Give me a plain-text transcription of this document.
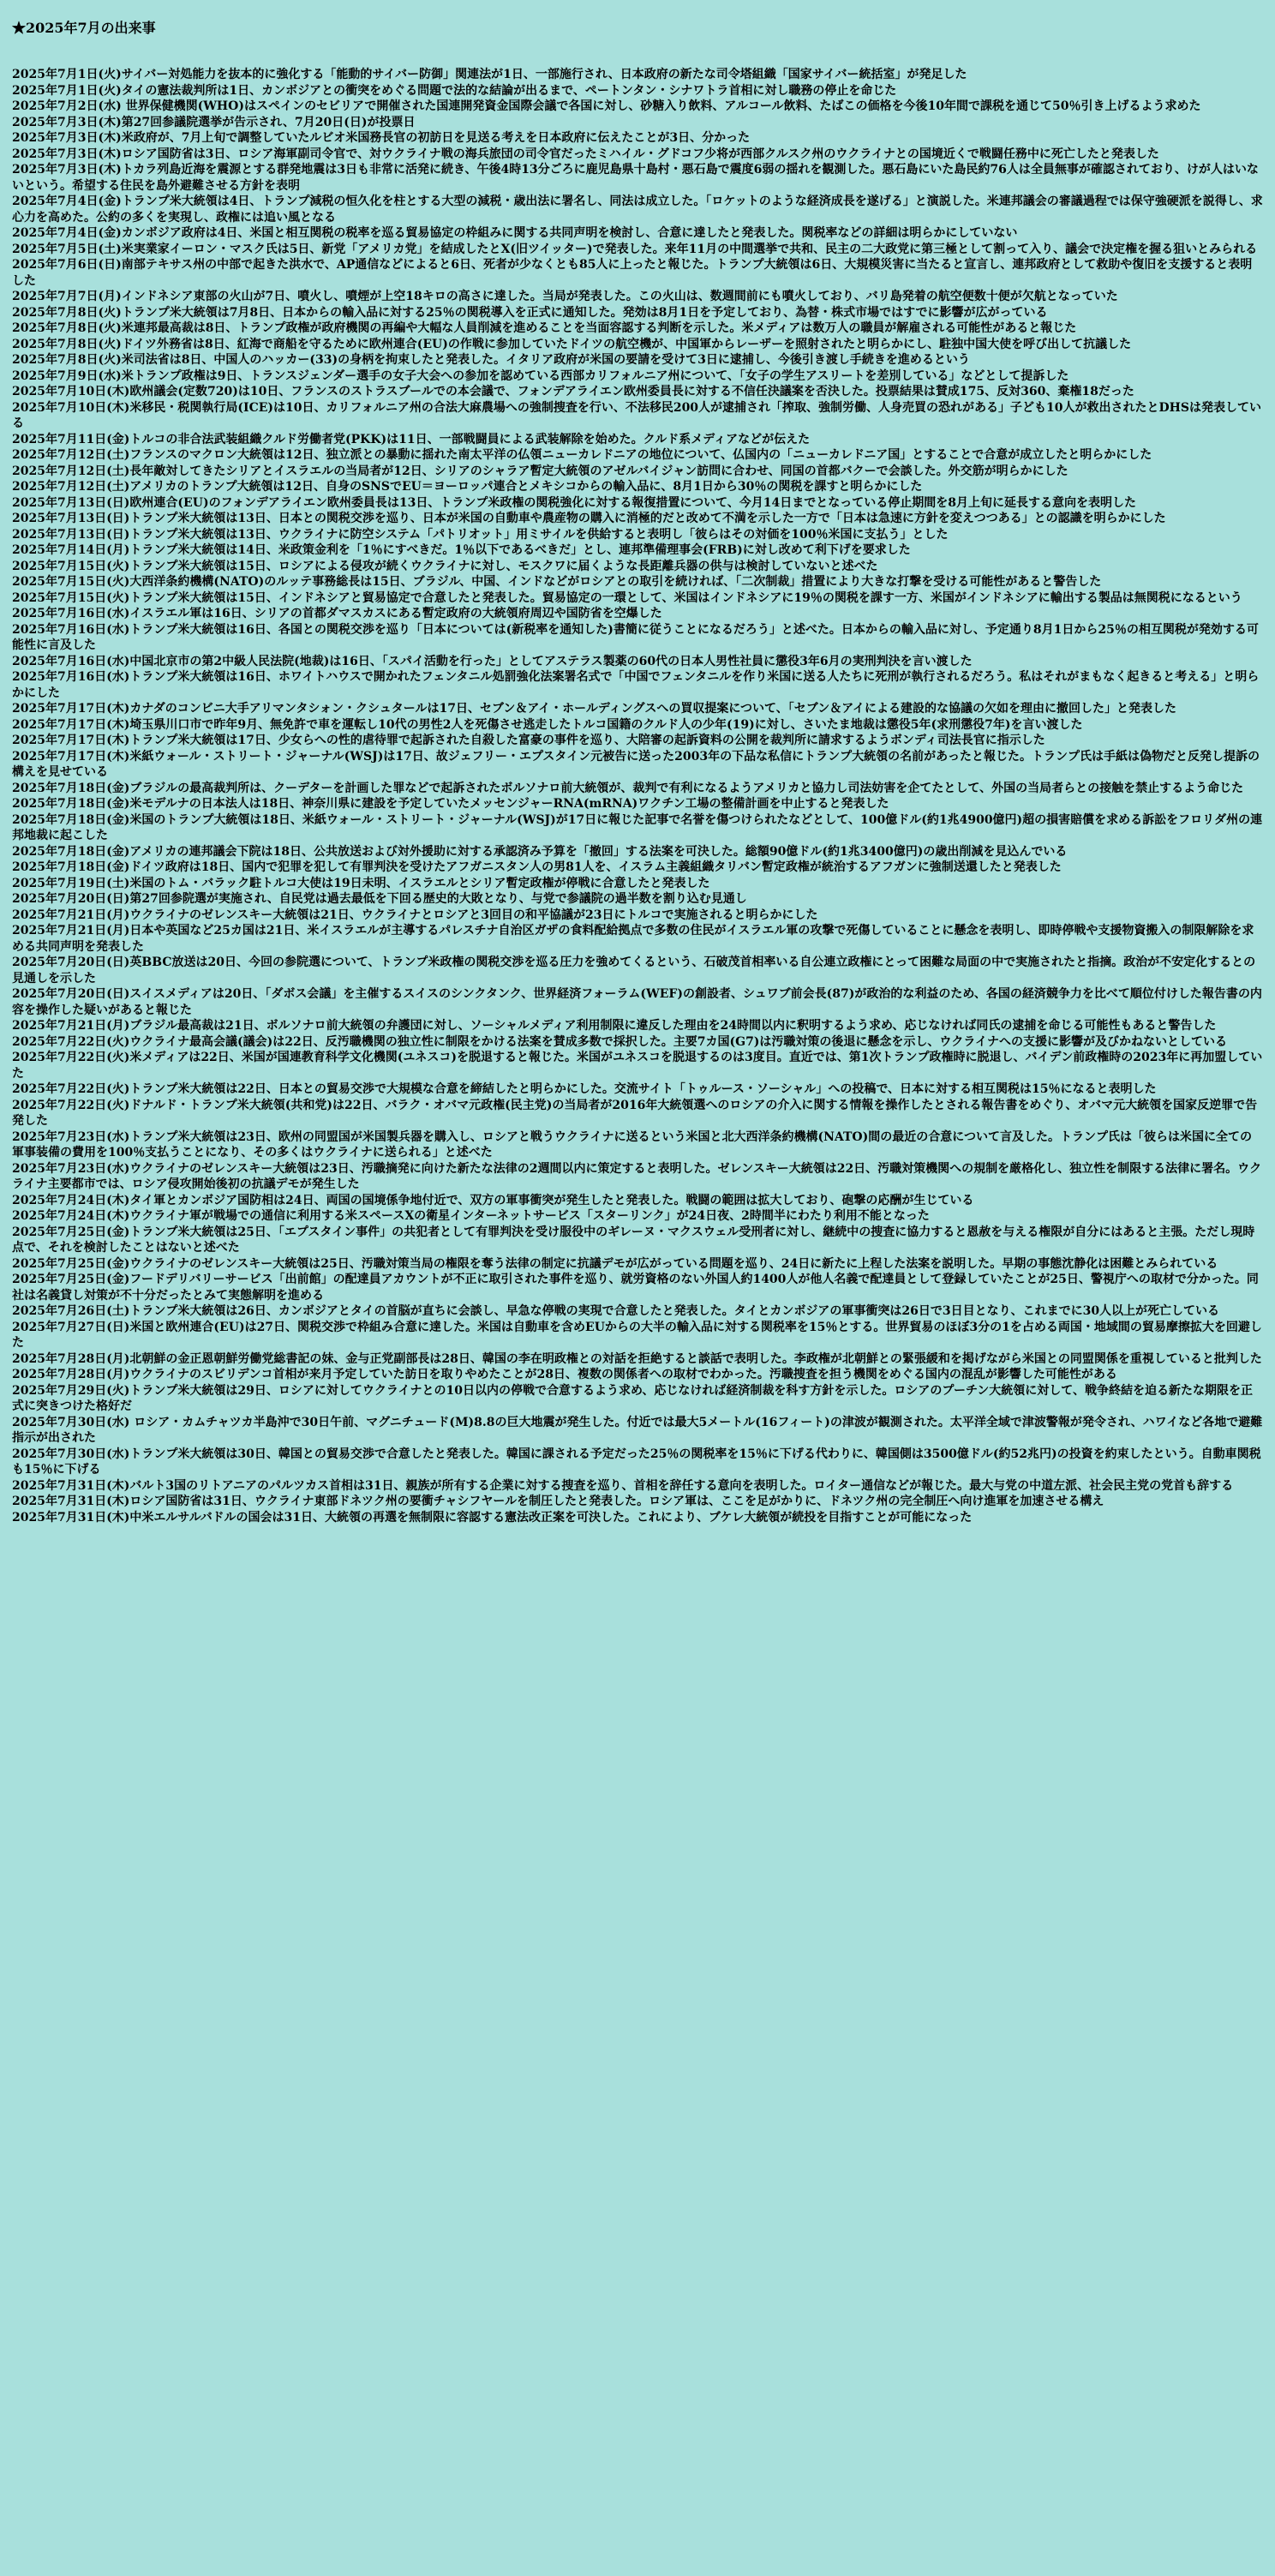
★2025年7月の出来事
2025年7月1日(火)サイバー対処能力を抜本的に強化する「能動的サイバー防御」関連法が1日、一部施行され、日本政府の新たな司令塔組織「国家サイバー統括室」が発足した
2025年7月1日(火)タイの憲法裁判所は1日、カンボジアとの衝突をめぐる問題で法的な結論が出るまで、ペートンタン・シナワトラ首相に対し職務の停止を命じた
2025年7月2日(水) 世界保健機関(WHO)はスペインのセビリアで開催された国連開発資金国際会議で各国に対し、砂糖入り飲料、アルコール飲料、たばこの価格を今後10年間で課税を通じて50％引き上げるよう求めた
2025年7月3日(木)第27回参議院選挙が告示され、7月20日(日)が投票日
2025年7月3日(木)米政府が、7月上旬で調整していたルビオ米国務長官の初訪日を見送る考えを日本政府に伝えたことが3日、分かった
2025年7月3日(木)ロシア国防省は3日、ロシア海軍副司令官で、対ウクライナ戦の海兵旅団の司令官だったミハイル・グドコフ少将が西部クルスク州のウクライナとの国境近くで戦闘任務中に死亡したと発表した
2025年7月3日(木)トカラ列島近海を震源とする群発地震は3日も非常に活発に続き、午後4時13分ごろに鹿児島県十島村・悪石島で震度6弱の揺れを観測した。悪石島にいた島民約76人は全員無事が確認されており、けが人はいないという。希望する住民を島外避難させる方針を表明
2025年7月4日(金)トランプ米大統領は4日、トランプ減税の恒久化を柱とする大型の減税・歳出法に署名し、同法は成立した。「ロケットのような経済成長を遂げる」と演説した。米連邦議会の審議過程では保守強硬派を説得し、求心力を高めた。公約の多くを実現し、政権には追い風となる
2025年7月4日(金)カンボジア政府は4日、米国と相互関税の税率を巡る貿易協定の枠組みに関する共同声明を検討し、合意に達したと発表した。関税率などの詳細は明らかにしていない
2025年7月5日(土)米実業家イーロン・マスク氏は5日、新党「アメリカ党」を結成したとX(旧ツイッター)で発表した。来年11月の中間選挙で共和、民主の二大政党に第三極として割って入り、議会で決定権を握る狙いとみられる
2025年7月6日(日)南部テキサス州の中部で起きた洪水で、AP通信などによると6日、死者が少なくとも85人に上ったと報じた。トランプ大統領は6日、大規模災害に当たると宣言し、連邦政府として救助や復旧を支援すると表明した
2025年7月7日(月)インドネシア東部の火山が7日、噴火し、噴煙が上空18キロの高さに達した。当局が発表した。この火山は、数週間前にも噴火しており、バリ島発着の航空便数十便が欠航となっていた
2025年7月8日(火)トランプ米大統領は7月8日、日本からの輸入品に対する25％の関税導入を正式に通知した。発効は8月1日を予定しており、為替・株式市場ではすでに影響が広がっている
2025年7月8日(火)米連邦最高裁は8日、トランプ政権が政府機関の再編や大幅な人員削減を進めることを当面容認する判断を示した。米メディアは数万人の職員が解雇される可能性があると報じた
2025年7月8日(火)ドイツ外務省は8日、紅海で商船を守るために欧州連合(EU)の作戦に参加していたドイツの航空機が、中国軍からレーザーを照射されたと明らかにし、駐独中国大使を呼び出して抗議した
2025年7月8日(火)米司法省は8日、中国人のハッカー(33)の身柄を拘束したと発表した。イタリア政府が米国の要請を受けて3日に逮捕し、今後引き渡し手続きを進めるという
2025年7月9日(水)米トランプ政権は9日、トランスジェンダー選手の女子大会への参加を認めている西部カリフォルニア州について、「女子の学生アスリートを差別している」などとして提訴した
2025年7月10日(木)欧州議会(定数720)は10日、フランスのストラスブールでの本会議で、フォンデアライエン欧州委員長に対する不信任決議案を否決した。投票結果は賛成175、反対360、棄権18だった
2025年7月10日(木)米移民・税関執行局(ICE)は10日、カリフォルニア州の合法大麻農場への強制捜査を行い、不法移民200人が逮捕され「搾取、強制労働、人身売買の恐れがある」子ども10人が救出されたとDHSは発表している
2025年7月11日(金)トルコの非合法武装組織クルド労働者党(PKK)は11日、一部戦闘員による武装解除を始めた。クルド系メディアなどが伝えた
2025年7月12日(土)フランスのマクロン大統領は12日、独立派との暴動に揺れた南太平洋の仏領ニューカレドニアの地位について、仏国内の「ニューカレドニア国」とすることで合意が成立したと明らかにした
2025年7月12日(土)長年敵対してきたシリアとイスラエルの当局者が12日、シリアのシャラア暫定大統領のアゼルバイジャン訪問に合わせ、同国の首都バクーで会談した。外交筋が明らかにした
2025年7月12日(土)アメリカのトランプ大統領は12日、自身のSNSでEU＝ヨーロッパ連合とメキシコからの輸入品に、8月1日から30％の関税を課すと明らかにした
2025年7月13日(日)欧州連合(EU)のフォンデアライエン欧州委員長は13日、トランプ米政権の関税強化に対する報復措置について、今月14日までとなっている停止期間を8月上旬に延長する意向を表明した
2025年7月13日(日)トランプ米大統領は13日、日本との関税交渉を巡り、日本が米国の自動車や農産物の購入に消極的だと改めて不満を示した一方で「日本は急速に方針を変えつつある」との認識を明らかにした
2025年7月13日(日)トランプ米大統領は13日、ウクライナに防空システム「パトリオット」用ミサイルを供給すると表明し「彼らはその対価を100％米国に支払う」とした
2025年7月14日(月)トランプ米大統領は14日、米政策金利を「1％にすべきだ。1％以下であるべきだ」とし、連邦準備理事会(FRB)に対し改めて利下げを要求した
2025年7月15日(火)トランプ米大統領は15日、ロシアによる侵攻が続くウクライナに対し、モスクワに届くような長距離兵器の供与は検討していないと述べた
2025年7月15日(火)大西洋条約機構(NATO)のルッテ事務総長は15日、ブラジル、中国、インドなどがロシアとの取引を続ければ、「二次制裁」措置により大きな打撃を受ける可能性があると警告した
2025年7月15日(火)トランプ米大統領は15日、インドネシアと貿易協定で合意したと発表した。貿易協定の一環として、米国はインドネシアに19％の関税を課す一方、米国がインドネシアに輸出する製品は無関税になるという
2025年7月16日(水)イスラエル軍は16日、シリアの首都ダマスカスにある暫定政府の大統領府周辺や国防省を空爆した
2025年7月16日(水)トランプ米大統領は16日、各国との関税交渉を巡り「日本については(新税率を通知した)書簡に従うことになるだろう」と述べた。日本からの輸入品に対し、予定通り8月1日から25％の相互関税が発効する可能性に言及した
2025年7月16日(水)中国北京市の第2中級人民法院(地裁)は16日、「スパイ活動を行った」としてアステラス製薬の60代の日本人男性社員に懲役3年6月の実刑判決を言い渡した
2025年7月16日(水)トランプ米大統領は16日、ホワイトハウスで開かれたフェンタニル処罰強化法案署名式で「中国でフェンタニルを作り米国に送る人たちに死刑が執行されるだろう。私はそれがまもなく起きると考える」と明らかにした
2025年7月17日(木)カナダのコンビニ大手アリマンタシォン・クシュタールは17日、セブン＆アイ・ホールディングスへの買収提案について、「セブン＆アイによる建設的な協議の欠如を理由に撤回した」と発表した
2025年7月17日(木)埼玉県川口市で昨年9月、無免許で車を運転し10代の男性2人を死傷させ逃走したトルコ国籍のクルド人の少年(19)に対し、さいたま地裁は懲役5年(求刑懲役7年)を言い渡した
2025年7月17日(木)トランプ米大統領は17日、少女らへの性的虐待罪で起訴された自殺した富豪の事件を巡り、大陪審の起訴資料の公開を裁判所に請求するようボンディ司法長官に指示した
2025年7月17日(木)米紙ウォール・ストリート・ジャーナル(WSJ)は17日、故ジェフリー・エプスタイン元被告に送った2003年の下品な私信にトランプ大統領の名前があったと報じた。トランプ氏は手紙は偽物だと反発し提訴の構えを見せている
2025年7月18日(金)ブラジルの最高裁判所は、クーデターを計画した罪などで起訴されたボルソナロ前大統領が、裁判で有利になるようアメリカと協力し司法妨害を企てたとして、外国の当局者らとの接触を禁止するよう命じた
2025年7月18日(金)米モデルナの日本法人は18日、神奈川県に建設を予定していたメッセンジャーRNA(mRNA)ワクチン工場の整備計画を中止すると発表した
2025年7月18日(金)米国のトランプ大統領は18日、米紙ウォール・ストリート・ジャーナル(WSJ)が17日に報じた記事で名誉を傷つけられたなどとして、100億ドル(約1兆4900億円)超の損害賠償を求める訴訟をフロリダ州の連邦地裁に起こした
2025年7月18日(金)アメリカの連邦議会下院は18日、公共放送および対外援助に対する承認済み予算を「撤回」する法案を可決した。総額90億ドル(約1兆3400億円)の歳出削減を見込んでいる
2025年7月18日(金)ドイツ政府は18日、国内で犯罪を犯して有罪判決を受けたアフガニスタン人の男81人を、イスラム主義組織タリバン暫定政権が統治するアフガンに強制送還したと発表した
2025年7月19日(土)米国のトム・バラック駐トルコ大使は19日未明、イスラエルとシリア暫定政権が停戦に合意したと発表した
2025年7月20日(日)第27回参院選が実施され、自民党は過去最低を下回る歴史的大敗となり、与党で参議院の過半数を割り込む見通し
2025年7月21日(月)ウクライナのゼレンスキー大統領は21日、ウクライナとロシアと3回目の和平協議が23日にトルコで実施されると明らかにした
2025年7月21日(月)日本や英国など25カ国は21日、米イスラエルが主導するパレスチナ自治区ガザの食料配給拠点で多数の住民がイスラエル軍の攻撃で死傷していることに懸念を表明し、即時停戦や支援物資搬入の制限解除を求める共同声明を発表した
2025年7月20日(日)英BBC放送は20日、今回の参院選について、トランプ米政権の関税交渉を巡る圧力を強めてくるという、石破茂首相率いる自公連立政権にとって困難な局面の中で実施されたと指摘。政治が不安定化するとの見通しを示した
2025年7月20日(日)スイスメディアは20日、「ダボス会議」を主催するスイスのシンクタンク、世界経済フォーラム(WEF)の創設者、シュワブ前会長(87)が政治的な利益のため、各国の経済競争力を比べて順位付けした報告書の内容を操作した疑いがあると報じた
2025年7月21日(月)ブラジル最高裁は21日、ボルソナロ前大統領の弁護団に対し、ソーシャルメディア利用制限に違反した理由を24時間以内に釈明するよう求め、応じなければ同氏の逮捕を命じる可能性もあると警告した
2025年7月22日(火)ウクライナ最高会議(議会)は22日、反汚職機関の独立性に制限をかける法案を賛成多数で採択した。主要7カ国(G7)は汚職対策の後退に懸念を示し、ウクライナへの支援に影響が及びかねないとしている
2025年7月22日(火)米メディアは22日、米国が国連教育科学文化機関(ユネスコ)を脱退すると報じた。米国がユネスコを脱退するのは3度目。直近では、第1次トランプ政権時に脱退し、バイデン前政権時の2023年に再加盟していた
2025年7月22日(火)トランプ米大統領は22日、日本との貿易交渉で大規模な合意を締結したと明らかにした。交流サイト「トゥルース・ソーシャル」への投稿で、日本に対する相互関税は15％になると表明した
2025年7月22日(火)ドナルド・トランプ米大統領(共和党)は22日、バラク・オバマ元政権(民主党)の当局者が2016年大統領選へのロシアの介入に関する情報を操作したとされる報告書をめぐり、オバマ元大統領を国家反逆罪で告発した
2025年7月23日(水)トランプ米大統領は23日、欧州の同盟国が米国製兵器を購入し、ロシアと戦うウクライナに送るという米国と北大西洋条約機構(NATO)間の最近の合意について言及した。トランプ氏は「彼らは米国に全ての軍事装備の費用を100％支払うことになり、その多くはウクライナに送られる」と述べた
2025年7月23日(水)ウクライナのゼレンスキー大統領は23日、汚職摘発に向けた新たな法律の2週間以内に策定すると表明した。ゼレンスキー大統領は22日、汚職対策機関への規制を厳格化し、独立性を制限する法律に署名。ウクライナ主要都市では、ロシア侵攻開始後初の抗議デモが発生した
2025年7月24日(木)タイ軍とカンボジア国防相は24日、両国の国境係争地付近で、双方の軍事衝突が発生したと発表した。戦闘の範囲は拡大しており、砲撃の応酬が生じている
2025年7月24日(木)ウクライナ軍が戦場での通信に利用する米スペースXの衛星インターネットサービス「スターリンク」が24日夜、2時間半にわたり利用不能となった
2025年7月25日(金)トランプ米大統領は25日、「エプスタイン事件」の共犯者として有罪判決を受け服役中のギレーヌ・マクスウェル受刑者に対し、継続中の捜査に協力すると恩赦を与える権限が自分にはあると主張。ただし現時点で、それを検討したことはないと述べた
2025年7月25日(金)ウクライナのゼレンスキー大統領は25日、汚職対策当局の権限を奪う法律の制定に抗議デモが広がっている問題を巡り、24日に新たに上程した法案を説明した。早期の事態沈静化は困難とみられている
2025年7月25日(金)フードデリバリーサービス「出前館」の配達員アカウントが不正に取引された事件を巡り、就労資格のない外国人約1400人が他人名義で配達員として登録していたことが25日、警視庁への取材で分かった。同社は名義貸し対策が不十分だったとみて実態解明を進める
2025年7月26日(土)トランプ米大統領は26日、カンボジアとタイの首脳が直ちに会談し、早急な停戦の実現で合意したと発表した。タイとカンボジアの軍事衝突は26日で3日目となり、これまでに30人以上が死亡している
2025年7月27日(日)米国と欧州連合(EU)は27日、関税交渉で枠組み合意に達した。米国は自動車を含めEUからの大半の輸入品に対する関税率を15％とする。世界貿易のほぼ3分の1を占める両国・地域間の貿易摩擦拡大を回避した
2025年7月28日(月)北朝鮮の金正恩朝鮮労働党総書記の妹、金与正党副部長は28日、韓国の李在明政権との対話を拒絶すると談話で表明した。李政権が北朝鮮との緊張緩和を掲げながら米国との同盟関係を重視していると批判した
2025年7月28日(月)ウクライナのスビリデンコ首相が来月予定していた訪日を取りやめたことが28日、複数の関係者への取材でわかった。汚職捜査を担う機関をめぐる国内の混乱が影響した可能性がある
2025年7月29日(火)トランプ米大統領は29日、ロシアに対してウクライナとの10日以内の停戦で合意するよう求め、応じなければ経済制裁を科す方針を示した。ロシアのプーチン大統領に対して、戦争終結を迫る新たな期限を正式に突きつけた格好だ
2025年7月30日(水) ロシア・カムチャツカ半島沖で30日午前、マグニチュード(M)8.8の巨大地震が発生した。付近では最大5メートル(16フィート)の津波が観測された。太平洋全域で津波警報が発令され、ハワイなど各地で避難指示が出された
2025年7月30日(水)トランプ米大統領は30日、韓国との貿易交渉で合意したと発表した。韓国に課される予定だった25％の関税率を15％に下げる代わりに、韓国側は3500億ドル(約52兆円)の投資を約束したという。自動車関税も15％に下げる
2025年7月31日(木)バルト3国のリトアニアのパルツカス首相は31日、親族が所有する企業に対する捜査を巡り、首相を辞任する意向を表明した。ロイター通信などが報じた。最大与党の中道左派、社会民主党の党首も辞する
2025年7月31日(木)ロシア国防省は31日、ウクライナ東部ドネツク州の要衝チャシフヤールを制圧したと発表した。ロシア軍は、ここを足がかりに、ドネツク州の完全制圧へ向け進軍を加速させる構え
2025年7月31日(木)中米エルサルバドルの国会は31日、大統領の再選を無制限に容認する憲法改正案を可決した。これにより、ブケレ大統領が続投を目指すことが可能になった
